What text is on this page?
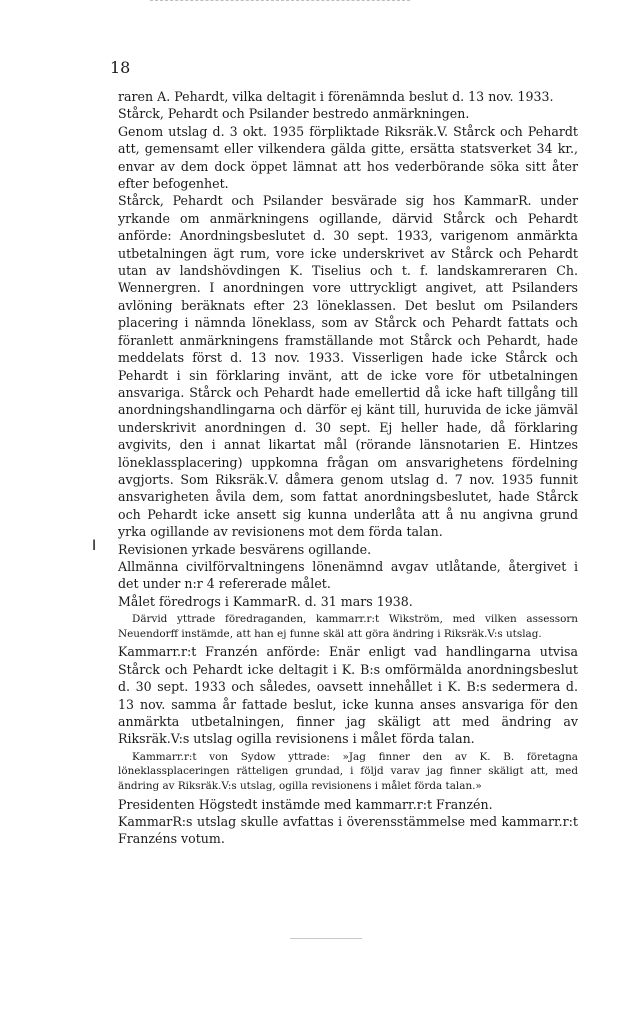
18
ǀ

raren A. Pehardt, vilka deltagit i förenämnda beslut d. 13 nov. 1933.

Stårck, Pehardt och Psilander bestredo anmärkningen.

Genom utslag d. 3 okt. 1935 förpliktade Riksräk.V. Stårck och Pehardt att, gemensamt eller vilkendera gälda gitte, ersätta statsverket 34 kr., envar av dem dock öppet lämnat att hos vederbörande söka sitt åter efter befogenhet.

Stårck, Pehardt och Psilander besvärade sig hos KammarR. under yrkande om anmärkningens ogillande, därvid Stårck och Pehardt anförde: Anordningsbeslutet d. 30 sept. 1933, varigenom anmärkta utbetalningen ägt rum, vore icke underskrivet av Stårck och Pehardt utan av landshövdingen K. Tiselius och t. f. landskamreraren Ch. Wennergren. I anordningen vore uttryckligt angivet, att Psilanders avlöning beräknats efter 23 löneklassen. Det beslut om Psilanders placering i nämnda löneklass, som av Stårck och Pehardt fattats och föranlett anmärkningens framställande mot Stårck och Pehardt, hade meddelats först d. 13 nov. 1933. Visserligen hade icke Stårck och Pehardt i sin förklaring invänt, att de icke vore för utbetalningen ansvariga. Stårck och Pehardt hade emellertid då icke haft tillgång till anordningshandlingarna och därför ej känt till, huruvida de icke jämväl underskrivit anordningen d. 30 sept. Ej heller hade, då förklaring avgivits, den i annat likartat mål (rörande länsnotarien E. Hintzes löneklassplacering) uppkomna frågan om ansvarighetens fördelning avgjorts. Som Riksräk.V. dåmera genom utslag d. 7 nov. 1935 funnit ansvarigheten åvila dem, som fattat anordningsbeslutet, hade Stårck och Pehardt icke ansett sig kunna underlåta att å nu angivna grund yrka ogillande av revisionens mot dem förda talan.

Revisionen yrkade besvärens ogillande.

Allmänna civilförvaltningens lönenämnd avgav utlåtande, återgivet i det under n:r 4 refererade målet.

Målet föredrogs i KammarR. d. 31 mars 1938.

Därvid yttrade föredraganden, kammarr.r:t Wikström, med vilken assessorn Neuendorff instämde, att han ej funne skäl att göra ändring i Riksräk.V:s utslag.

Kammarr.r:t Franzén anförde: Enär enligt vad handlingarna utvisa Stårck och Pehardt icke deltagit i K. B:s omförmälda anordningsbeslut d. 30 sept. 1933 och således, oavsett innehållet i K. B:s sedermera d. 13 nov. samma år fattade beslut, icke kunna anses ansvariga för den anmärkta utbetalningen, finner jag skäligt att med ändring av Riksräk.V:s utslag ogilla revisionens i målet förda talan.

Kammarr.r:t von Sydow yttrade: »Jag finner den av K. B. företagna löneklassplaceringen rätteligen grundad, i följd varav jag finner skäligt att, med ändring av Riksräk.V:s utslag, ogilla revisionens i målet förda talan.»

Presidenten Högstedt instämde med kammarr.r:t Franzén.

KammarR:s utslag skulle avfattas i överensstämmelse med kammarr.r:t Franzéns votum.
